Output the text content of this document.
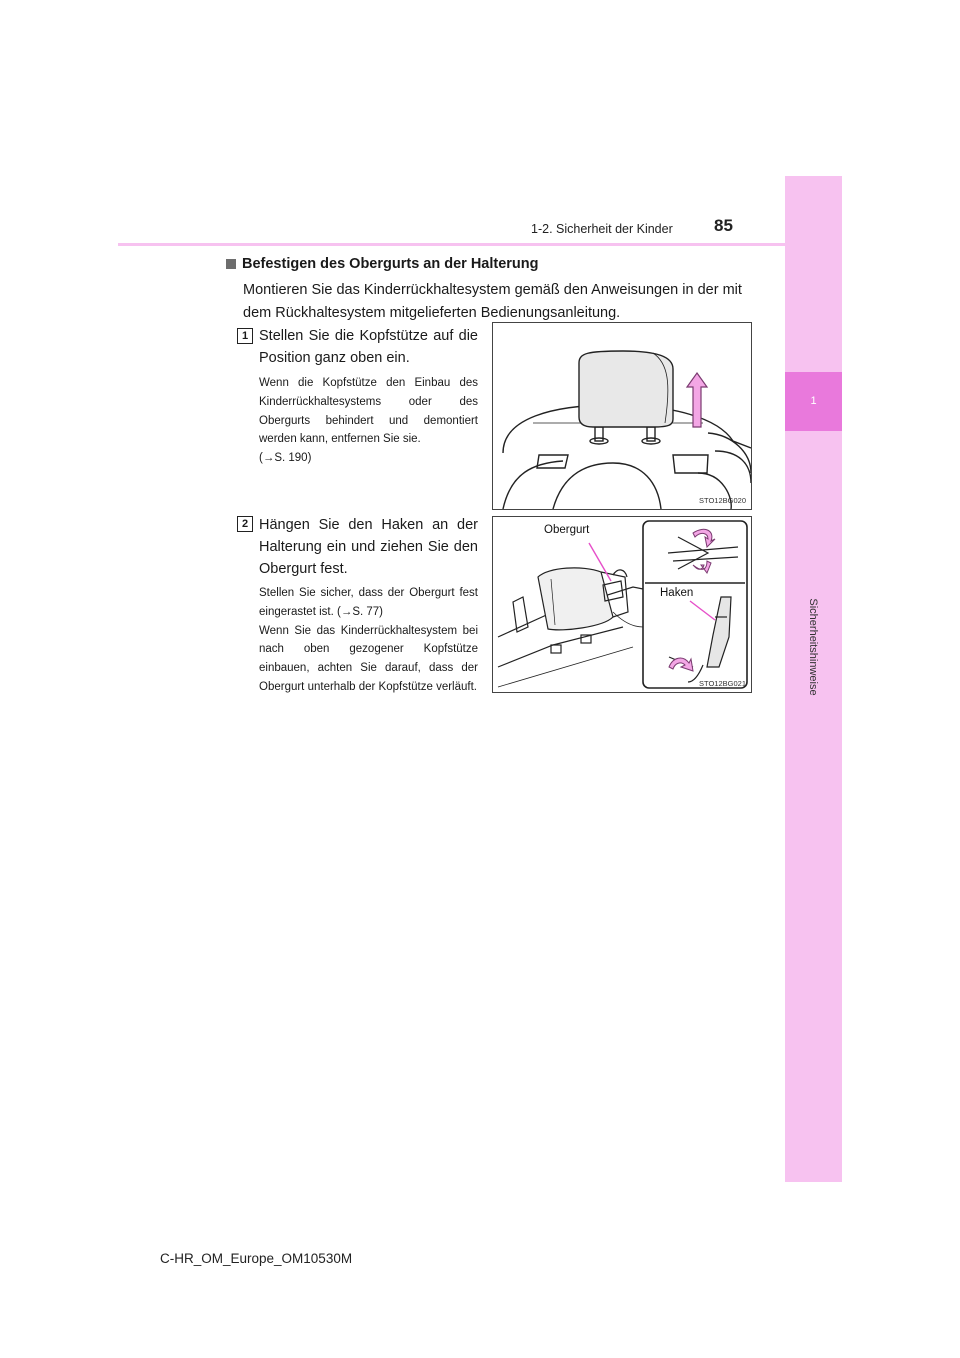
1
Sicherheitshinweise
1-2. Sicherheit der Kinder 85
Befestigen des Obergurts an der Halterung
Montieren Sie das Kinderrückhaltesystem gemäß den Anweisungen in der mit dem Rückhaltesystem mitgelieferten Bedienungsanleitung.
1 Stellen Sie die Kopfstütze auf die Position ganz oben ein.
Wenn die Kopfstütze den Einbau des Kinderrückhaltesystems oder des Obergurts behindert und demontiert werden kann, entfernen Sie sie.
(→S. 190)
STO12BG020
2 Hängen Sie den Haken an der Halterung ein und ziehen Sie den Obergurt fest.
Stellen Sie sicher, dass der Obergurt fest eingerastet ist. (→S. 77)
Wenn Sie das Kinderrückhaltesystem bei nach oben gezogener Kopfstütze einbauen, achten Sie darauf, dass der Obergurt unterhalb der Kopfstütze verläuft.
Obergurt
Haken
STO12BG021
C-HR_OM_Europe_OM10530M
